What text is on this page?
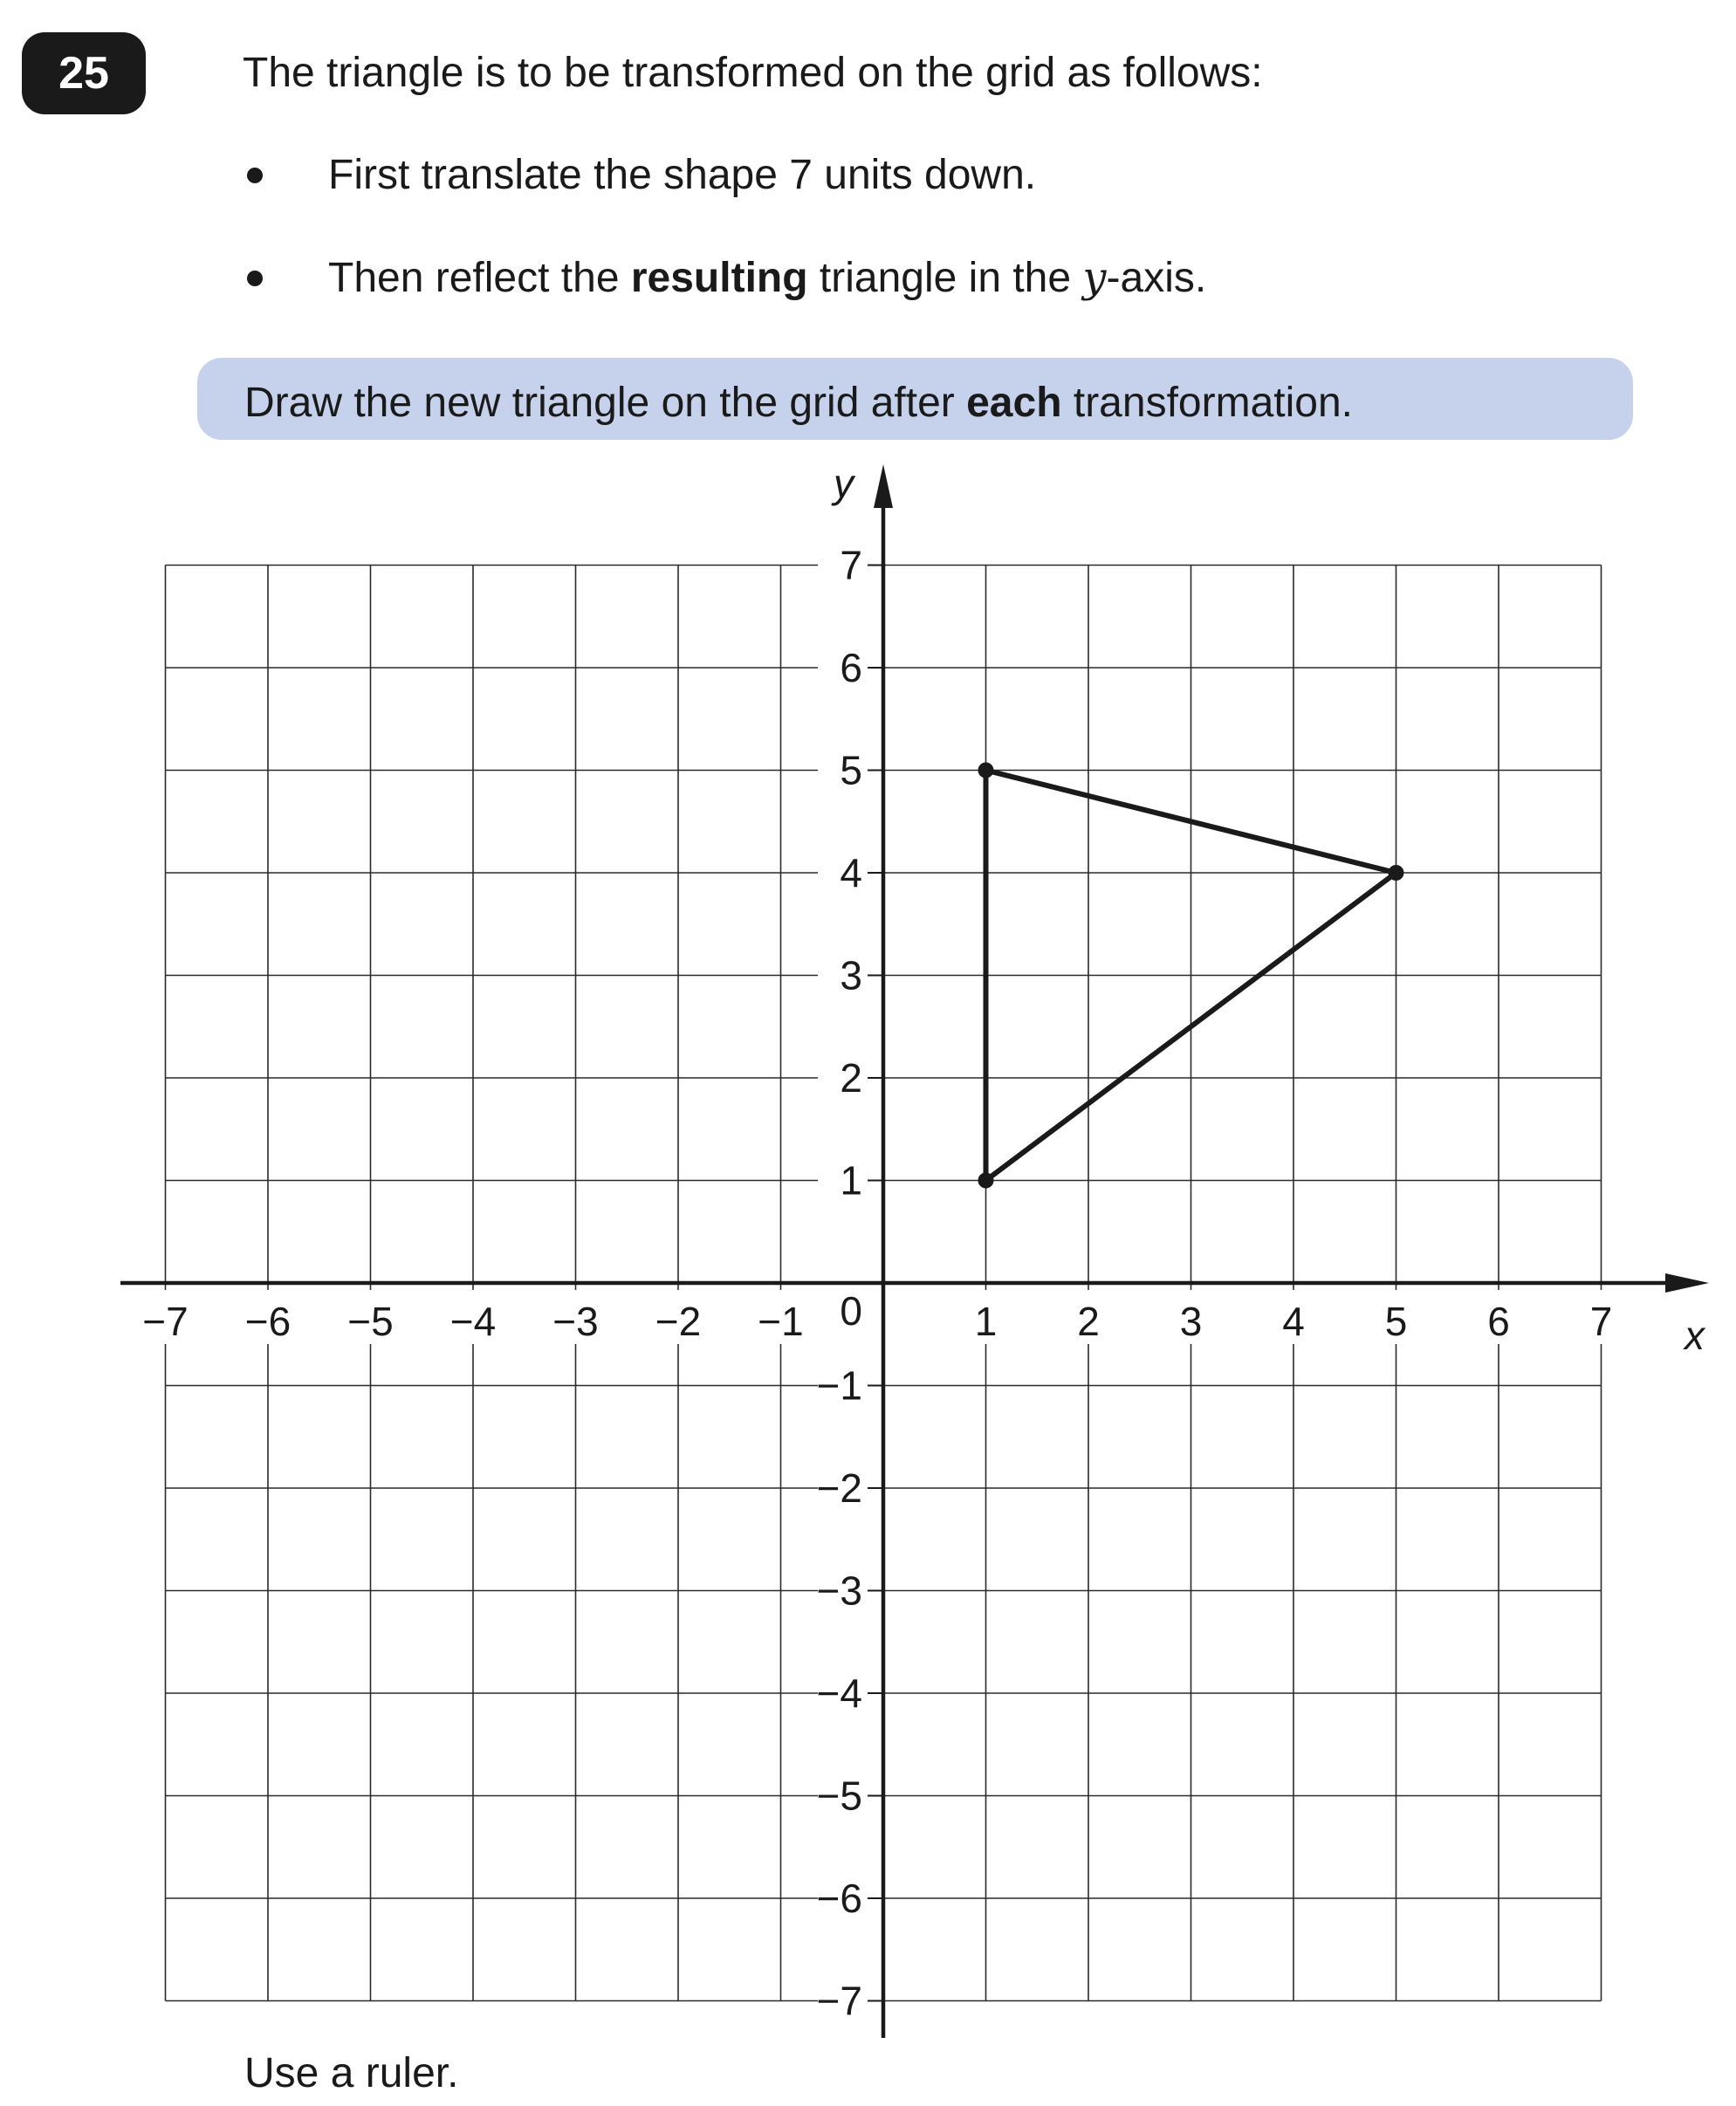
25	The triangle is to be transformed on the grid as follows:
First translate the shape 7 units down.
Then reflect the resulting triangle in the y-axis.
Draw the new triangle on the grid after each transformation.
−7 −6 −5 −4 −3 −2 −1	1 2 3 4 5 6 7
7
6
5
4
3
2
1
−1
−2
−3
−4
−5
−6
−7
0
x
y
Use a ruler.
